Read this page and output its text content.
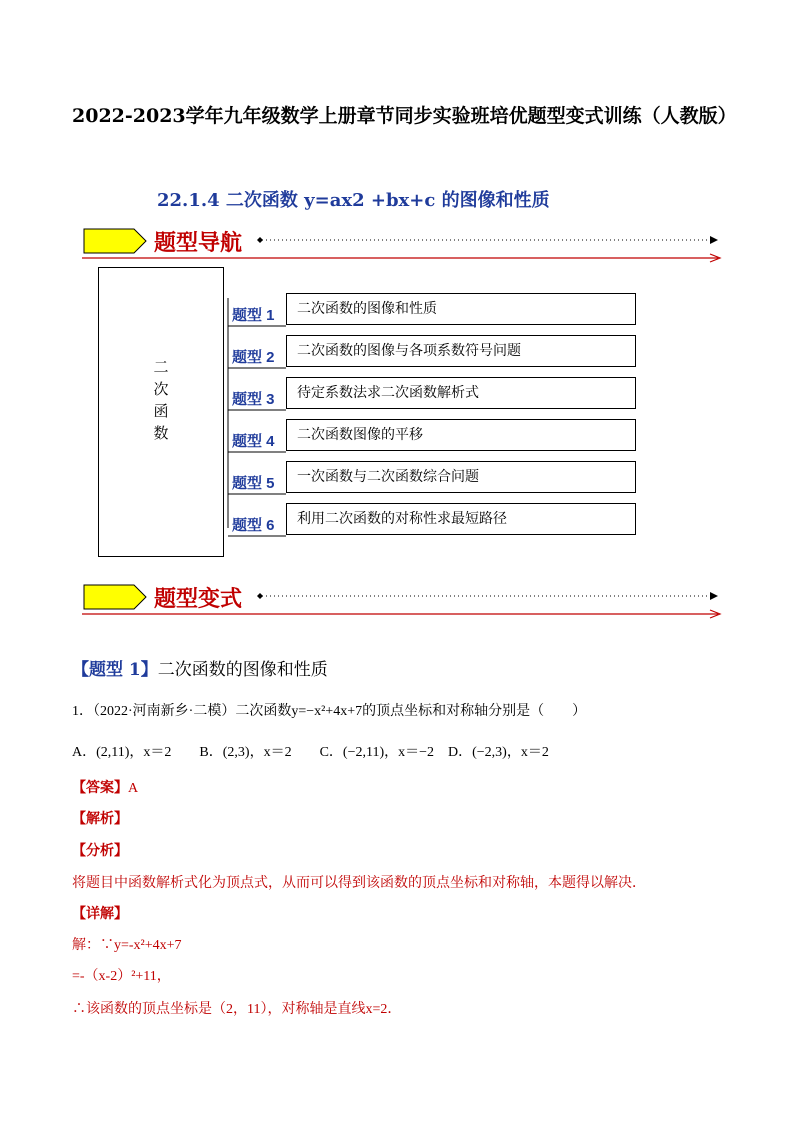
2022-2023学年九年级数学上册章节同步实验班培优题型变式训练（人教版）
22.1.4 二次函数 y=ax2 +bx+c 的图像和性质
题型导航
二
次
函
数
题型 1	二次函数的图像和性质
题型 2	二次函数的图像与各项系数符号问题
题型 3	待定系数法求二次函数解析式
题型 4	二次函数图像的平移
题型 5	一次函数与二次函数综合问题
题型 6	利用二次函数的对称性求最短路径
题型变式
【题型 1】二次函数的图像和性质
1．（2022·河南新乡·二模）二次函数y=−x²+4x+7的顶点坐标和对称轴分别是（　　）
A．(2,11)，x＝2　　B．(2,3)，x＝2　　C．(−2,11)，x＝−2　D．(−2,3)，x＝2
【答案】A
【解析】
【分析】
将题目中函数解析式化为顶点式，从而可以得到该函数的顶点坐标和对称轴，本题得以解决．
【详解】
解：∵y=-x²+4x+7
=-（x-2）²+11，
∴该函数的顶点坐标是（2，11），对称轴是直线x=2．
